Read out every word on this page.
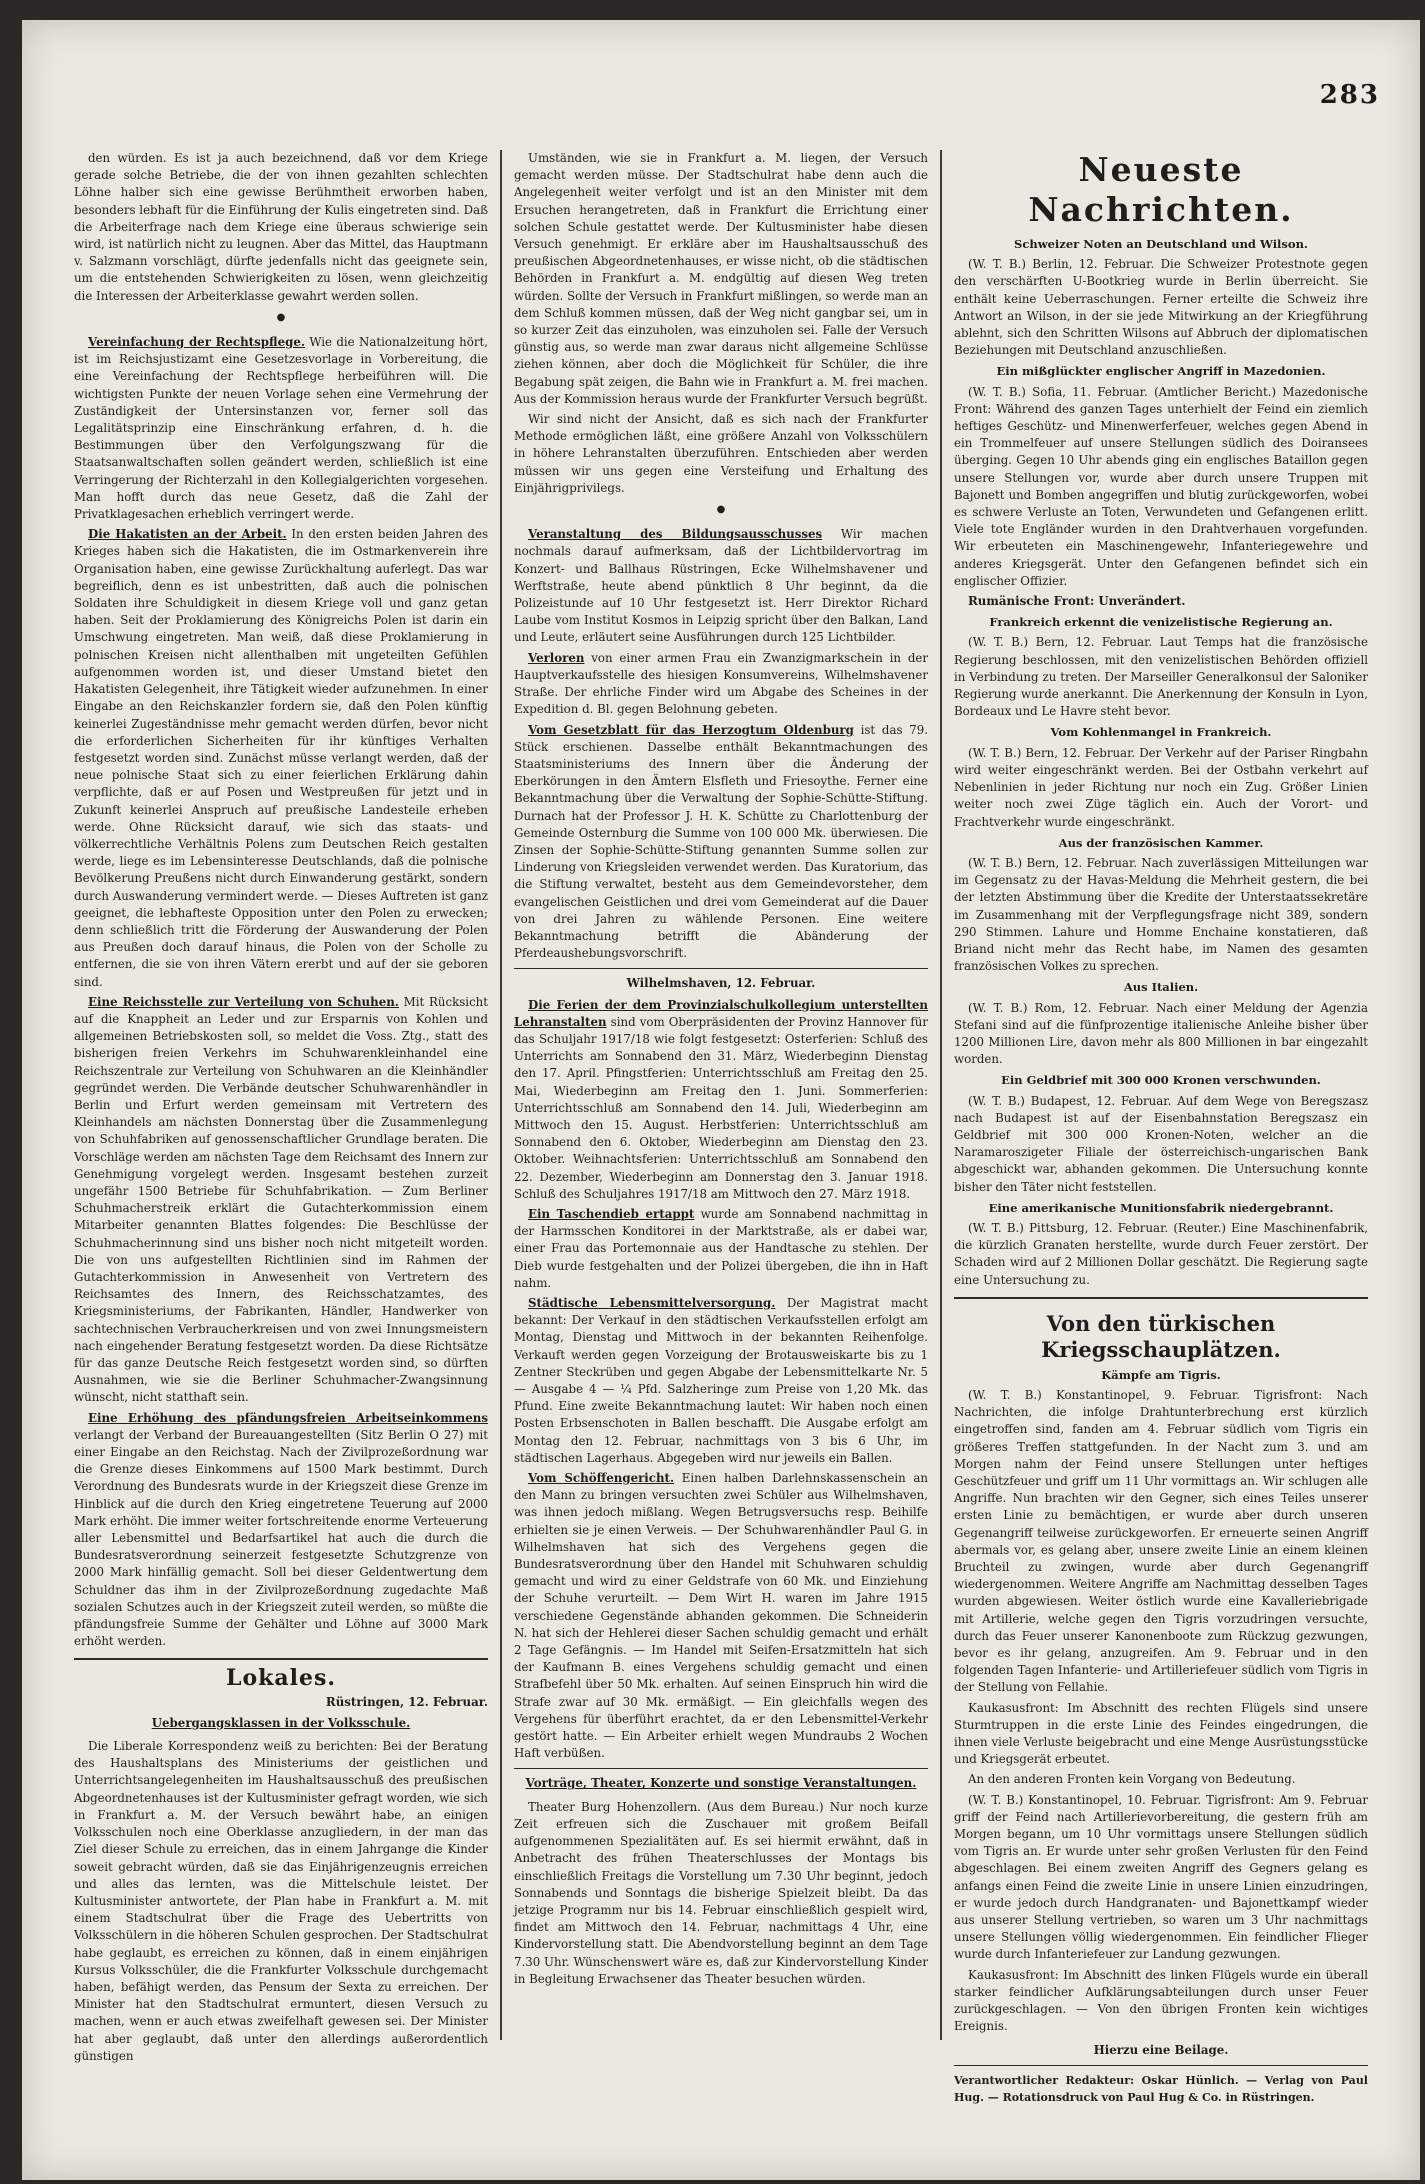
283

den würden. Es ist ja auch bezeichnend, daß vor dem Kriege gerade solche Betriebe, die der von ihnen gezahlten schlechten Löhne halber sich eine gewisse Berühmtheit erworben haben, besonders lebhaft für die Einführung der Kulis eingetreten sind. Daß die Arbeiterfrage nach dem Kriege eine überaus schwierige sein wird, ist natürlich nicht zu leugnen. Aber das Mittel, das Hauptmann v. Salzmann vorschlägt, dürfte jedenfalls nicht das geeignete sein, um die entstehenden Schwierigkeiten zu lösen, wenn gleichzeitig die Interessen der Arbeiterklasse gewahrt werden sollen.

●

Vereinfachung der Rechtspflege. Wie die Nationalzeitung hört, ist im Reichsjustizamt eine Gesetzesvorlage in Vorbereitung, die eine Vereinfachung der Rechtspflege herbeiführen will. Die wichtigsten Punkte der neuen Vorlage sehen eine Vermehrung der Zuständigkeit der Untersinstanzen vor, ferner soll das Legalitätsprinzip eine Einschränkung erfahren, d. h. die Bestimmungen über den Verfolgungszwang für die Staatsanwaltschaften sollen geändert werden, schließlich ist eine Verringerung der Richterzahl in den Kollegialgerichten vorgesehen. Man hofft durch das neue Gesetz, daß die Zahl der Privatklagesachen erheblich verringert werde.

Die Hakatisten an der Arbeit. In den ersten beiden Jahren des Krieges haben sich die Hakatisten, die im Ostmarkenverein ihre Organisation haben, eine gewisse Zurückhaltung auferlegt. Das war begreiflich, denn es ist unbestritten, daß auch die polnischen Soldaten ihre Schuldigkeit in diesem Kriege voll und ganz getan haben. Seit der Proklamierung des Königreichs Polen ist darin ein Umschwung eingetreten. Man weiß, daß diese Proklamierung in polnischen Kreisen nicht allenthalben mit ungeteilten Gefühlen aufgenommen worden ist, und dieser Umstand bietet den Hakatisten Gelegenheit, ihre Tätigkeit wieder aufzunehmen. In einer Eingabe an den Reichskanzler fordern sie, daß den Polen künftig keinerlei Zugeständnisse mehr gemacht werden dürfen, bevor nicht die erforderlichen Sicherheiten für ihr künftiges Verhalten festgesetzt worden sind. Zunächst müsse verlangt werden, daß der neue polnische Staat sich zu einer feierlichen Erklärung dahin verpflichte, daß er auf Posen und Westpreußen für jetzt und in Zukunft keinerlei Anspruch auf preußische Landesteile erheben werde. Ohne Rücksicht darauf, wie sich das staats- und völkerrechtliche Verhältnis Polens zum Deutschen Reich gestalten werde, liege es im Lebensinteresse Deutschlands, daß die polnische Bevölkerung Preußens nicht durch Einwanderung gestärkt, sondern durch Auswanderung vermindert werde. — Dieses Auftreten ist ganz geeignet, die lebhafteste Opposition unter den Polen zu erwecken; denn schließlich tritt die Förderung der Auswanderung der Polen aus Preußen doch darauf hinaus, die Polen von der Scholle zu entfernen, die sie von ihren Vätern ererbt und auf der sie geboren sind.

Eine Reichsstelle zur Verteilung von Schuhen. Mit Rücksicht auf die Knappheit an Leder und zur Ersparnis von Kohlen und allgemeinen Betriebskosten soll, so meldet die Voss. Ztg., statt des bisherigen freien Verkehrs im Schuhwarenkleinhandel eine Reichszentrale zur Verteilung von Schuhwaren an die Kleinhändler gegründet werden. Die Verbände deutscher Schuhwarenhändler in Berlin und Erfurt werden gemeinsam mit Vertretern des Kleinhandels am nächsten Donnerstag über die Zusammenlegung von Schuhfabriken auf genossenschaftlicher Grundlage beraten. Die Vorschläge werden am nächsten Tage dem Reichsamt des Innern zur Genehmigung vorgelegt werden. Insgesamt bestehen zurzeit ungefähr 1500 Betriebe für Schuhfabrikation. — Zum Berliner Schuhmacherstreik erklärt die Gutachterkommission einem Mitarbeiter genannten Blattes folgendes: Die Beschlüsse der Schuhmacherinnung sind uns bisher noch nicht mitgeteilt worden. Die von uns aufgestellten Richtlinien sind im Rahmen der Gutachterkommission in Anwesenheit von Vertretern des Reichsamtes des Innern, des Reichsschatzamtes, des Kriegsministeriums, der Fabrikanten, Händler, Handwerker von sachtechnischen Verbraucherkreisen und von zwei Innungsmeistern nach eingehender Beratung festgesetzt worden. Da diese Richtsätze für das ganze Deutsche Reich festgesetzt worden sind, so dürften Ausnahmen, wie sie die Berliner Schuhmacher-Zwangsinnung wünscht, nicht statthaft sein.

Eine Erhöhung des pfändungsfreien Arbeitseinkommens verlangt der Verband der Bureauangestellten (Sitz Berlin O 27) mit einer Eingabe an den Reichstag. Nach der Zivilprozeßordnung war die Grenze dieses Einkommens auf 1500 Mark bestimmt. Durch Verordnung des Bundesrats wurde in der Kriegszeit diese Grenze im Hinblick auf die durch den Krieg eingetretene Teuerung auf 2000 Mark erhöht. Die immer weiter fortschreitende enorme Verteuerung aller Lebensmittel und Bedarfsartikel hat auch die durch die Bundesratsverordnung seinerzeit festgesetzte Schutzgrenze von 2000 Mark hinfällig gemacht. Soll bei dieser Geldentwertung dem Schuldner das ihm in der Zivilprozeßordnung zugedachte Maß sozialen Schutzes auch in der Kriegszeit zuteil werden, so müßte die pfändungsfreie Summe der Gehälter und Löhne auf 3000 Mark erhöht werden.

Lokales.
Rüstringen, 12. Februar.
Uebergangsklassen in der Volksschule.

Die Liberale Korrespondenz weiß zu berichten: Bei der Beratung des Haushaltsplans des Ministeriums der geistlichen und Unterrichtsangelegenheiten im Haushaltsausschuß des preußischen Abgeordnetenhauses ist der Kultusminister gefragt worden, wie sich in Frankfurt a. M. der Versuch bewährt habe, an einigen Volksschulen noch eine Oberklasse anzugliedern, in der man das Ziel dieser Schule zu erreichen, das in einem Jahrgange die Kinder soweit gebracht würden, daß sie das Einjährigenzeugnis erreichen und alles das lernten, was die Mittelschule leistet. Der Kultusminister antwortete, der Plan habe in Frankfurt a. M. mit einem Stadtschulrat über die Frage des Uebertritts von Volksschülern in die höheren Schulen gesprochen. Der Stadtschulrat habe geglaubt, es erreichen zu können, daß in einem einjährigen Kursus Volksschüler, die die Frankfurter Volksschule durchgemacht haben, befähigt werden, das Pensum der Sexta zu erreichen. Der Minister hat den Stadtschulrat ermuntert, diesen Versuch zu machen, wenn er auch etwas zweifelhaft gewesen sei. Der Minister hat aber geglaubt, daß unter den allerdings außerordentlich günstigen

Umständen, wie sie in Frankfurt a. M. liegen, der Versuch gemacht werden müsse. Der Stadtschulrat habe denn auch die Angelegenheit weiter verfolgt und ist an den Minister mit dem Ersuchen herangetreten, daß in Frankfurt die Errichtung einer solchen Schule gestattet werde. Der Kultusminister habe diesen Versuch genehmigt. Er erkläre aber im Haushaltsausschuß des preußischen Abgeordnetenhauses, er wisse nicht, ob die städtischen Behörden in Frankfurt a. M. endgültig auf diesen Weg treten würden. Sollte der Versuch in Frankfurt mißlingen, so werde man an dem Schluß kommen müssen, daß der Weg nicht gangbar sei, um in so kurzer Zeit das einzuholen, was einzuholen sei. Falle der Versuch günstig aus, so werde man zwar daraus nicht allgemeine Schlüsse ziehen können, aber doch die Möglichkeit für Schüler, die ihre Begabung spät zeigen, die Bahn wie in Frankfurt a. M. frei machen. Aus der Kommission heraus wurde der Frankfurter Versuch begrüßt.

Wir sind nicht der Ansicht, daß es sich nach der Frankfurter Methode ermöglichen läßt, eine größere Anzahl von Volksschülern in höhere Lehranstalten überzuführen. Entschieden aber werden müssen wir uns gegen eine Versteifung und Erhaltung des Einjährigprivilegs.

●

Veranstaltung des Bildungsausschusses Wir machen nochmals darauf aufmerksam, daß der Lichtbildervortrag im Konzert- und Ballhaus Rüstringen, Ecke Wilhelmshavener und Werftstraße, heute abend pünktlich 8 Uhr beginnt, da die Polizeistunde auf 10 Uhr festgesetzt ist. Herr Direktor Richard Laube vom Institut Kosmos in Leipzig spricht über den Balkan, Land und Leute, erläutert seine Ausführungen durch 125 Lichtbilder.

Verloren von einer armen Frau ein Zwanzigmarkschein in der Hauptverkaufsstelle des hiesigen Konsumvereins, Wilhelmshavener Straße. Der ehrliche Finder wird um Abgabe des Scheines in der Expedition d. Bl. gegen Belohnung gebeten.

Vom Gesetzblatt für das Herzogtum Oldenburg ist das 79. Stück erschienen. Dasselbe enthält Bekanntmachungen des Staatsministeriums des Innern über die Änderung der Eberkörungen in den Ämtern Elsfleth und Friesoythe. Ferner eine Bekanntmachung über die Verwaltung der Sophie-Schütte-Stiftung. Durnach hat der Professor J. H. K. Schütte zu Charlottenburg der Gemeinde Osternburg die Summe von 100 000 Mk. überwiesen. Die Zinsen der Sophie-Schütte-Stiftung genannten Summe sollen zur Linderung von Kriegsleiden verwendet werden. Das Kuratorium, das die Stiftung verwaltet, besteht aus dem Gemeindevorsteher, dem evangelischen Geistlichen und drei vom Gemeinderat auf die Dauer von drei Jahren zu wählende Personen. Eine weitere Bekanntmachung betrifft die Abänderung der Pferdeaushebungsvorschrift.

Wilhelmshaven, 12. Februar.

Die Ferien der dem Provinzialschulkollegium unterstellten Lehranstalten sind vom Oberpräsidenten der Provinz Hannover für das Schuljahr 1917/18 wie folgt festgesetzt: Osterferien: Schluß des Unterrichts am Sonnabend den 31. März, Wiederbeginn Dienstag den 17. April. Pfingstferien: Unterrichtsschluß am Freitag den 25. Mai, Wiederbeginn am Freitag den 1. Juni. Sommerferien: Unterrichtsschluß am Sonnabend den 14. Juli, Wiederbeginn am Mittwoch den 15. August. Herbstferien: Unterrichtsschluß am Sonnabend den 6. Oktober, Wiederbeginn am Dienstag den 23. Oktober. Weihnachtsferien: Unterrichtsschluß am Sonnabend den 22. Dezember, Wiederbeginn am Donnerstag den 3. Januar 1918. Schluß des Schuljahres 1917/18 am Mittwoch den 27. März 1918.

Ein Taschendieb ertappt wurde am Sonnabend nachmittag in der Harmsschen Konditorei in der Marktstraße, als er dabei war, einer Frau das Portemonnaie aus der Handtasche zu stehlen. Der Dieb wurde festgehalten und der Polizei übergeben, die ihn in Haft nahm.

Städtische Lebensmittelversorgung. Der Magistrat macht bekannt: Der Verkauf in den städtischen Verkaufsstellen erfolgt am Montag, Dienstag und Mittwoch in der bekannten Reihenfolge. Verkauft werden gegen Vorzeigung der Brotausweiskarte bis zu 1 Zentner Steckrüben und gegen Abgabe der Lebensmittelkarte Nr. 5 — Ausgabe 4 — ¼ Pfd. Salzheringe zum Preise von 1,20 Mk. das Pfund. Eine zweite Bekanntmachung lautet: Wir haben noch einen Posten Erbsenschoten in Ballen beschafft. Die Ausgabe erfolgt am Montag den 12. Februar, nachmittags von 3 bis 6 Uhr, im städtischen Lagerhaus. Abgegeben wird nur jeweils ein Ballen.

Vom Schöffengericht. Einen halben Darlehnskassenschein an den Mann zu bringen versuchten zwei Schüler aus Wilhelmshaven, was ihnen jedoch mißlang. Wegen Betrugsversuchs resp. Beihilfe erhielten sie je einen Verweis. — Der Schuhwarenhändler Paul G. in Wilhelmshaven hat sich des Vergehens gegen die Bundesratsverordnung über den Handel mit Schuhwaren schuldig gemacht und wird zu einer Geldstrafe von 60 Mk. und Einziehung der Schuhe verurteilt. — Dem Wirt H. waren im Jahre 1915 verschiedene Gegenstände abhanden gekommen. Die Schneiderin N. hat sich der Hehlerei dieser Sachen schuldig gemacht und erhält 2 Tage Gefängnis. — Im Handel mit Seifen-Ersatzmitteln hat sich der Kaufmann B. eines Vergehens schuldig gemacht und einen Strafbefehl über 50 Mk. erhalten. Auf seinen Einspruch hin wird die Strafe zwar auf 30 Mk. ermäßigt. — Ein gleichfalls wegen des Vergehens für überführt erachtet, da er den Lebensmittel-Verkehr gestört hatte. — Ein Arbeiter erhielt wegen Mundraubs 2 Wochen Haft verbüßen.

Vorträge, Theater, Konzerte und sonstige Veranstaltungen.

Theater Burg Hohenzollern. (Aus dem Bureau.) Nur noch kurze Zeit erfreuen sich die Zuschauer mit großem Beifall aufgenommenen Spezialitäten auf. Es sei hiermit erwähnt, daß in Anbetracht des frühen Theaterschlusses der Montags bis einschließlich Freitags die Vorstellung um 7.30 Uhr beginnt, jedoch Sonnabends und Sonntags die bisherige Spielzeit bleibt. Da das jetzige Programm nur bis 14. Februar einschließlich gespielt wird, findet am Mittwoch den 14. Februar, nachmittags 4 Uhr, eine Kindervorstellung statt. Die Abendvorstellung beginnt an dem Tage 7.30 Uhr. Wünschenswert wäre es, daß zur Kindervorstellung Kinder in Begleitung Erwachsener das Theater besuchen würden.

Neueste Nachrichten.
Schweizer Noten an Deutschland und Wilson.

(W. T. B.) Berlin, 12. Februar. Die Schweizer Protestnote gegen den verschärften U-Bootkrieg wurde in Berlin überreicht. Sie enthält keine Ueberraschungen. Ferner erteilte die Schweiz ihre Antwort an Wilson, in der sie jede Mitwirkung an der Kriegführung ablehnt, sich den Schritten Wilsons auf Abbruch der diplomatischen Beziehungen mit Deutschland anzuschließen.

Ein mißglückter englischer Angriff in Mazedonien.

(W. T. B.) Sofia, 11. Februar. (Amtlicher Bericht.) Mazedonische Front: Während des ganzen Tages unterhielt der Feind ein ziemlich heftiges Geschütz- und Minenwerferfeuer, welches gegen Abend in ein Trommelfeuer auf unsere Stellungen südlich des Doiransees überging. Gegen 10 Uhr abends ging ein englisches Bataillon gegen unsere Stellungen vor, wurde aber durch unsere Truppen mit Bajonett und Bomben angegriffen und blutig zurückgeworfen, wobei es schwere Verluste an Toten, Verwundeten und Gefangenen erlitt. Viele tote Engländer wurden in den Drahtverhauen vorgefunden. Wir erbeuteten ein Maschinengewehr, Infanteriegewehre und anderes Kriegsgerät. Unter den Gefangenen befindet sich ein englischer Offizier.

Rumänische Front: Unverändert.

Frankreich erkennt die venizelistische Regierung an.

(W. T. B.) Bern, 12. Februar. Laut Temps hat die französische Regierung beschlossen, mit den venizelistischen Behörden offiziell in Verbindung zu treten. Der Marseiller Generalkonsul der Saloniker Regierung wurde anerkannt. Die Anerkennung der Konsuln in Lyon, Bordeaux und Le Havre steht bevor.

Vom Kohlenmangel in Frankreich.

(W. T. B.) Bern, 12. Februar. Der Verkehr auf der Pariser Ringbahn wird weiter eingeschränkt werden. Bei der Ostbahn verkehrt auf Nebenlinien in jeder Richtung nur noch ein Zug. Größer Linien weiter noch zwei Züge täglich ein. Auch der Vorort- und Frachtverkehr wurde eingeschränkt.

Aus der französischen Kammer.

(W. T. B.) Bern, 12. Februar. Nach zuverlässigen Mitteilungen war im Gegensatz zu der Havas-Meldung die Mehrheit gestern, die bei der letzten Abstimmung über die Kredite der Unterstaatssekretäre im Zusammenhang mit der Verpflegungsfrage nicht 389, sondern 290 Stimmen. Lahure und Homme Enchaine konstatieren, daß Briand nicht mehr das Recht habe, im Namen des gesamten französischen Volkes zu sprechen.

Aus Italien.

(W. T. B.) Rom, 12. Februar. Nach einer Meldung der Agenzia Stefani sind auf die fünfprozentige italienische Anleihe bisher über 1200 Millionen Lire, davon mehr als 800 Millionen in bar eingezahlt worden.

Ein Geldbrief mit 300 000 Kronen verschwunden.

(W. T. B.) Budapest, 12. Februar. Auf dem Wege von Beregszasz nach Budapest ist auf der Eisenbahnstation Beregszasz ein Geldbrief mit 300 000 Kronen-Noten, welcher an die Naramaroszigeter Filiale der österreichisch-ungarischen Bank abgeschickt war, abhanden gekommen. Die Untersuchung konnte bisher den Täter nicht feststellen.

Eine amerikanische Munitionsfabrik niedergebrannt.

(W. T. B.) Pittsburg, 12. Februar. (Reuter.) Eine Maschinenfabrik, die kürzlich Granaten herstellte, wurde durch Feuer zerstört. Der Schaden wird auf 2 Millionen Dollar geschätzt. Die Regierung sagte eine Untersuchung zu.

Von den türkischen Kriegsschauplätzen.
Kämpfe am Tigris.

(W. T. B.) Konstantinopel, 9. Februar. Tigrisfront: Nach Nachrichten, die infolge Drahtunterbrechung erst kürzlich eingetroffen sind, fanden am 4. Februar südlich vom Tigris ein größeres Treffen stattgefunden. In der Nacht zum 3. und am Morgen nahm der Feind unsere Stellungen unter heftiges Geschützfeuer und griff um 11 Uhr vormittags an. Wir schlugen alle Angriffe. Nun brachten wir den Gegner, sich eines Teiles unserer ersten Linie zu bemächtigen, er wurde aber durch unseren Gegenangriff teilweise zurückgeworfen. Er erneuerte seinen Angriff abermals vor, es gelang aber, unsere zweite Linie an einem kleinen Bruchteil zu zwingen, wurde aber durch Gegenangriff wiedergenommen. Weitere Angriffe am Nachmittag desselben Tages wurden abgewiesen. Weiter östlich wurde eine Kavalleriebrigade mit Artillerie, welche gegen den Tigris vorzudringen versuchte, durch das Feuer unserer Kanonenboote zum Rückzug gezwungen, bevor es ihr gelang, anzugreifen. Am 9. Februar und in den folgenden Tagen Infanterie- und Artilleriefeuer südlich vom Tigris in der Stellung von Fellahie.

Kaukasusfront: Im Abschnitt des rechten Flügels sind unsere Sturmtruppen in die erste Linie des Feindes eingedrungen, die ihnen viele Verluste beigebracht und eine Menge Ausrüstungsstücke und Kriegsgerät erbeutet.

An den anderen Fronten kein Vorgang von Bedeutung.

(W. T. B.) Konstantinopel, 10. Februar. Tigrisfront: Am 9. Februar griff der Feind nach Artillerievorbereitung, die gestern früh am Morgen begann, um 10 Uhr vormittags unsere Stellungen südlich vom Tigris an. Er wurde unter sehr großen Verlusten für den Feind abgeschlagen. Bei einem zweiten Angriff des Gegners gelang es anfangs einen Feind die zweite Linie in unsere Linien einzudringen, er wurde jedoch durch Handgranaten- und Bajonettkampf wieder aus unserer Stellung vertrieben, so waren um 3 Uhr nachmittags unsere Stellungen völlig wiedergenommen. Ein feindlicher Flieger wurde durch Infanteriefeuer zur Landung gezwungen.

Kaukasusfront: Im Abschnitt des linken Flügels wurde ein überall starker feindlicher Aufklärungsabteilungen durch unser Feuer zurückgeschlagen. — Von den übrigen Fronten kein wichtiges Ereignis.

Hierzu eine Beilage.

Verantwortlicher Redakteur: Oskar Hünlich. — Verlag von Paul Hug. — Rotationsdruck von Paul Hug & Co. in Rüstringen.
